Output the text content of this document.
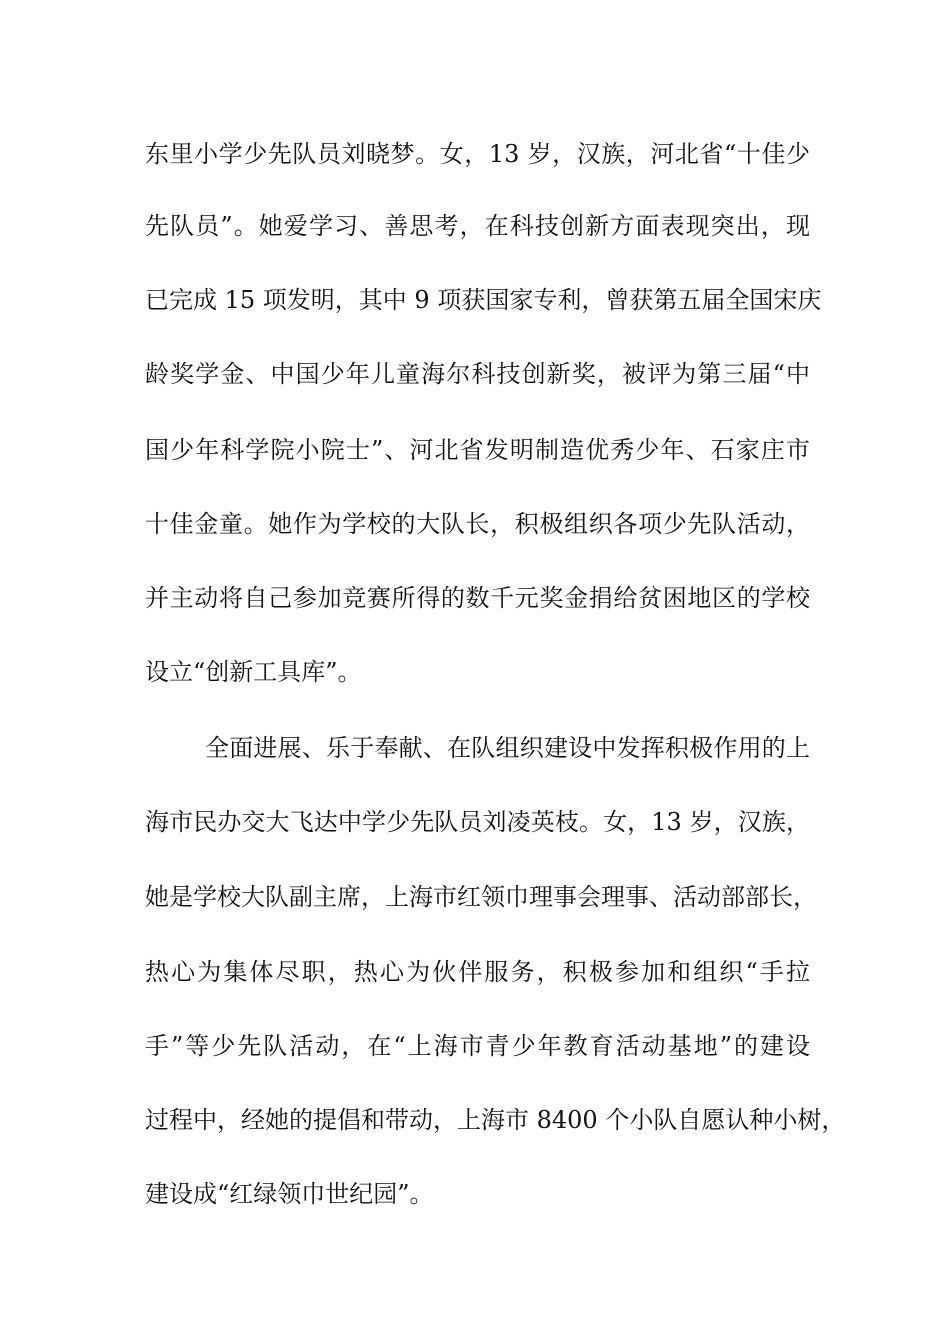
东里小学少先队员刘晓梦。女，13 岁，汉族，河北省“十佳少
先队员”。她爱学习、善思考，在科技创新方面表现突出，现
已完成 15 项发明，其中 9 项获国家专利，曾获第五届全国宋庆
龄奖学金、中国少年儿童海尔科技创新奖，被评为第三届“中
国少年科学院小院士”、河北省发明制造优秀少年、石家庄市
十佳金童。她作为学校的大队长，积极组织各项少先队活动，
并主动将自己参加竞赛所得的数千元奖金捐给贫困地区的学校
设立“创新工具库”。
全面进展、乐于奉献、在队组织建设中发挥积极作用的上
海市民办交大飞达中学少先队员刘凌英枝。女，13 岁，汉族，
她是学校大队副主席，上海市红领巾理事会理事、活动部部长，
热心为集体尽职，热心为伙伴服务，积极参加和组织“手拉
手”等少先队活动，在“上海市青少年教育活动基地”的建设
过程中，经她的提倡和带动，上海市 8400 个小队自愿认种小树，
建设成“红绿领巾世纪园”。
